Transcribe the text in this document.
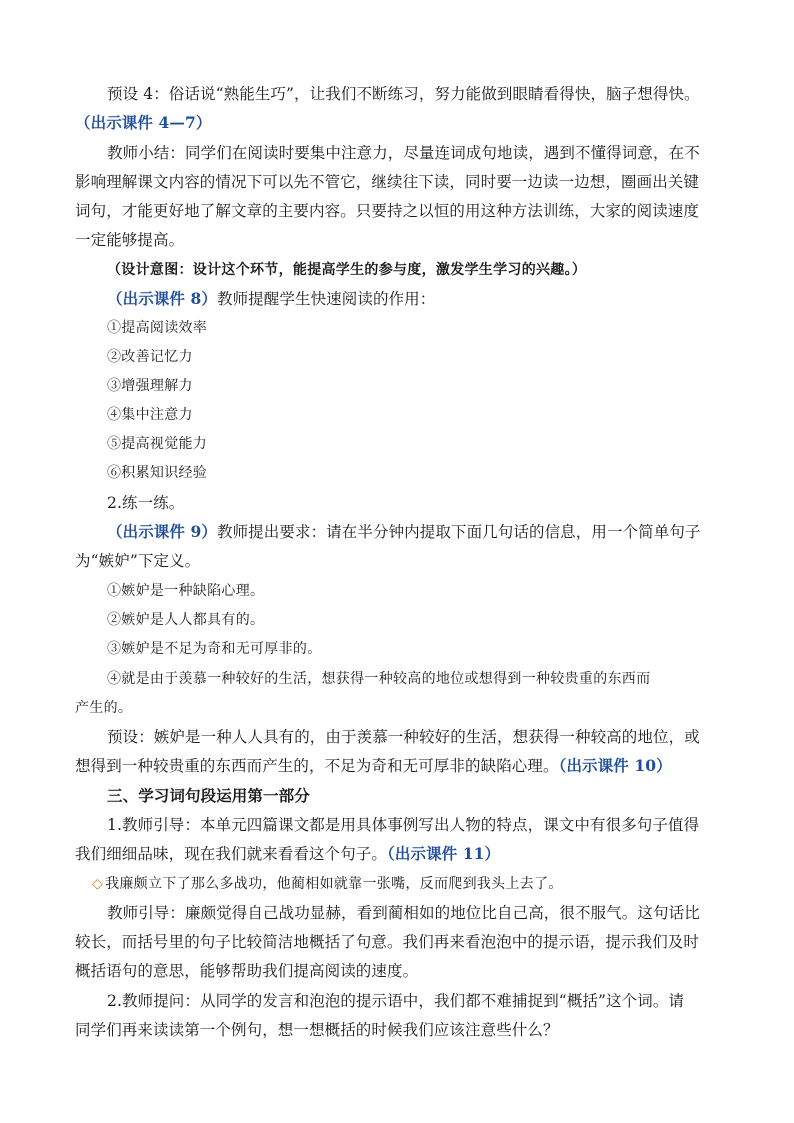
预设 4：俗话说“熟能生巧”，让我们不断练习，努力能做到眼睛看得快，脑子想得快。
（出示课件 4—7）
教师小结：同学们在阅读时要集中注意力，尽量连词成句地读，遇到不懂得词意，在不
影响理解课文内容的情况下可以先不管它，继续往下读，同时要一边读一边想，圈画出关键
词句，才能更好地了解文章的主要内容。只要持之以恒的用这种方法训练，大家的阅读速度
一定能够提高。
（设计意图：设计这个环节，能提高学生的参与度，激发学生学习的兴趣。）
（出示课件 8）教师提醒学生快速阅读的作用：
①提高阅读效率
②改善记忆力
③增强理解力
④集中注意力
⑤提高视觉能力
⑥积累知识经验
2.练一练。
（出示课件 9）教师提出要求：请在半分钟内提取下面几句话的信息，用一个简单句子
为“嫉妒”下定义。
①嫉妒是一种缺陷心理。
②嫉妒是人人都具有的。
③嫉妒是不足为奇和无可厚非的。
④就是由于羡慕一种较好的生活，想获得一种较高的地位或想得到一种较贵重的东西而
产生的。
预设：嫉妒是一种人人具有的，由于羡慕一种较好的生活，想获得一种较高的地位，或
想得到一种较贵重的东西而产生的，不足为奇和无可厚非的缺陷心理。（出示课件 10）
三、学习词句段运用第一部分
1.教师引导：本单元四篇课文都是用具体事例写出人物的特点，课文中有很多句子值得
我们细细品味，现在我们就来看看这个句子。（出示课件 11）
◇ 我廉颇立下了那么多战功，他蔺相如就靠一张嘴，反而爬到我头上去了。
教师引导：廉颇觉得自己战功显赫，看到蔺相如的地位比自己高，很不服气。这句话比
较长，而括号里的句子比较简洁地概括了句意。我们再来看泡泡中的提示语，提示我们及时
概括语句的意思，能够帮助我们提高阅读的速度。
2.教师提问：从同学的发言和泡泡的提示语中，我们都不难捕捉到“概括”这个词。请
同学们再来读读第一个例句，想一想概括的时候我们应该注意些什么？
